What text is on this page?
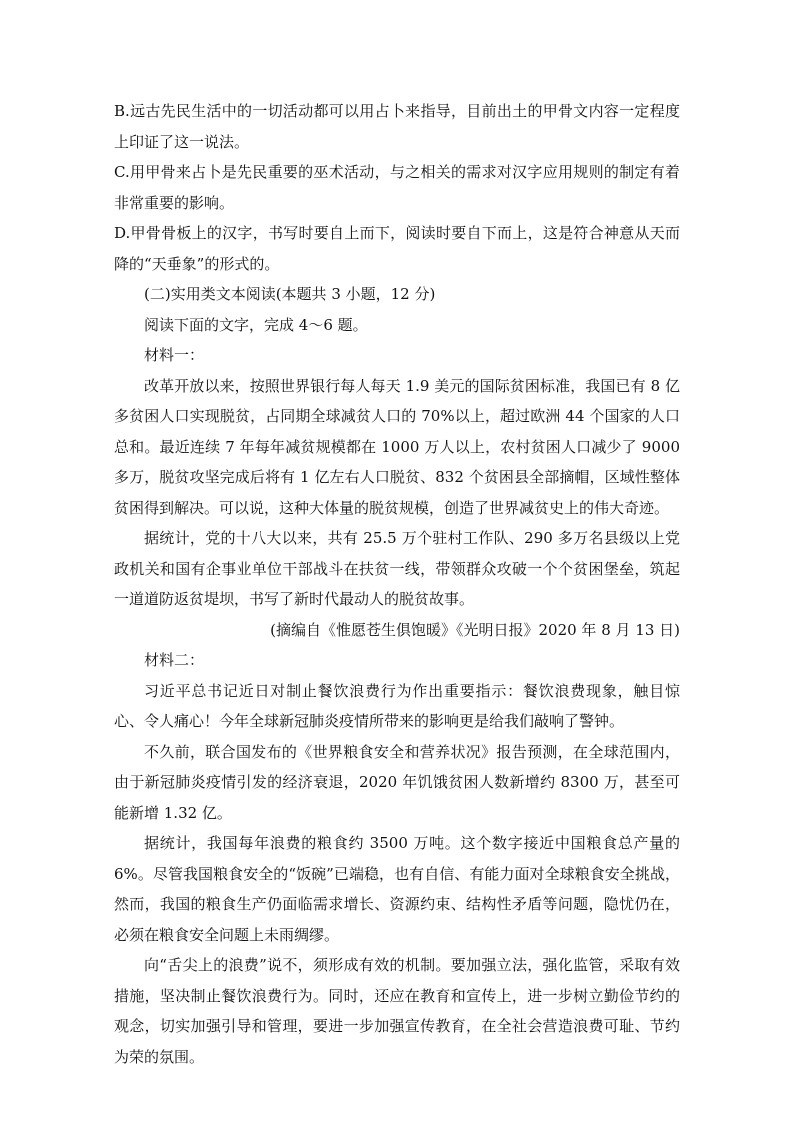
B.远古先民生活中的一切活动都可以用占卜来指导，目前出土的甲骨文内容一定程度上印证了这一说法。

C.用甲骨来占卜是先民重要的巫术活动，与之相关的需求对汉字应用规则的制定有着非常重要的影响。

D.甲骨骨板上的汉字，书写时要自上而下，阅读时要自下而上，这是符合神意从天而降的“天垂象”的形式的。

(二)实用类文本阅读(本题共 3 小题，12 分)

阅读下面的文字，完成 4～6 题。

材料一：

改革开放以来，按照世界银行每人每天 1.9 美元的国际贫困标准，我国已有 8 亿多贫困人口实现脱贫，占同期全球减贫人口的 70%以上，超过欧洲 44 个国家的人口总和。最近连续 7 年每年减贫规模都在 1000 万人以上，农村贫困人口减少了 9000 多万，脱贫攻坚完成后将有 1 亿左右人口脱贫、832 个贫困县全部摘帽，区域性整体贫困得到解决。可以说，这种大体量的脱贫规模，创造了世界减贫史上的伟大奇迹。

据统计，党的十八大以来，共有 25.5 万个驻村工作队、290 多万名县级以上党政机关和国有企事业单位干部战斗在扶贫一线，带领群众攻破一个个贫困堡垒，筑起一道道防返贫堤坝，书写了新时代最动人的脱贫故事。

(摘编自《惟愿苍生俱饱暖》《光明日报》2020 年 8 月 13 日)

材料二：

习近平总书记近日对制止餐饮浪费行为作出重要指示：餐饮浪费现象，触目惊心、令人痛心！今年全球新冠肺炎疫情所带来的影响更是给我们敲响了警钟。

不久前，联合国发布的《世界粮食安全和营养状况》报告预测，在全球范围内，由于新冠肺炎疫情引发的经济衰退，2020 年饥饿贫困人数新增约 8300 万，甚至可能新增 1.32 亿。

据统计，我国每年浪费的粮食约 3500 万吨。这个数字接近中国粮食总产量的 6%。尽管我国粮食安全的“饭碗”已端稳，也有自信、有能力面对全球粮食安全挑战，然而，我国的粮食生产仍面临需求增长、资源约束、结构性矛盾等问题，隐忧仍在，必须在粮食安全问题上未雨绸缪。

向“舌尖上的浪费”说不，须形成有效的机制。要加强立法，强化监管，采取有效措施，坚决制止餐饮浪费行为。同时，还应在教育和宣传上，进一步树立勤俭节约的观念，切实加强引导和管理，要进一步加强宣传教育，在全社会营造浪费可耻、节约为荣的氛围。
